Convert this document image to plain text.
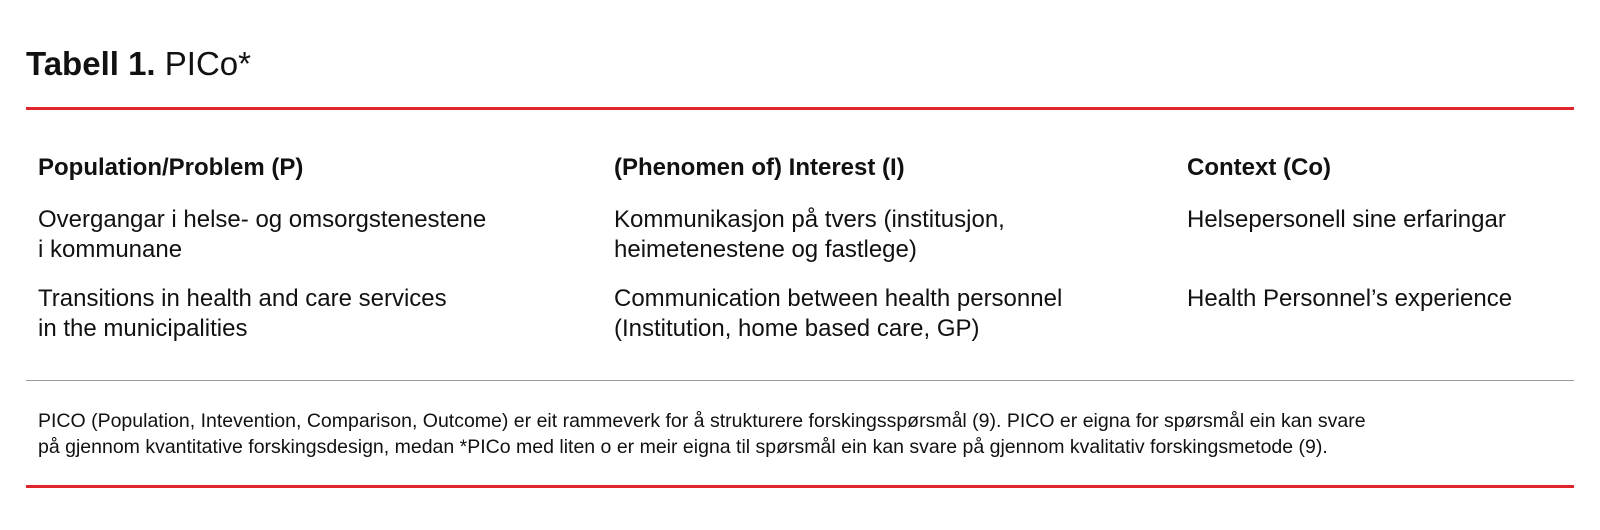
Tabell 1. PICo*
Population/Problem (P)
Overgangar i helse- og omsorgstenestene
i kommunane
Transitions in health and care services
in the municipalities
(Phenomen of) Interest (I)
Kommunikasjon på tvers (institusjon,
heimetenestene og fastlege)
Communication between health personnel
(Institution, home based care, GP)
Context (Co)
Helsepersonell sine erfaringar
Health Personnel’s experience
PICO (Population, Intevention, Comparison, Outcome) er eit rammeverk for å strukturere forskingsspørsmål (9). PICO er eigna for spørsmål ein kan svare
på gjennom kvantitative forskingsdesign, medan *PICo med liten o er meir eigna til spørsmål ein kan svare på gjennom kvalitativ forskingsmetode (9).
